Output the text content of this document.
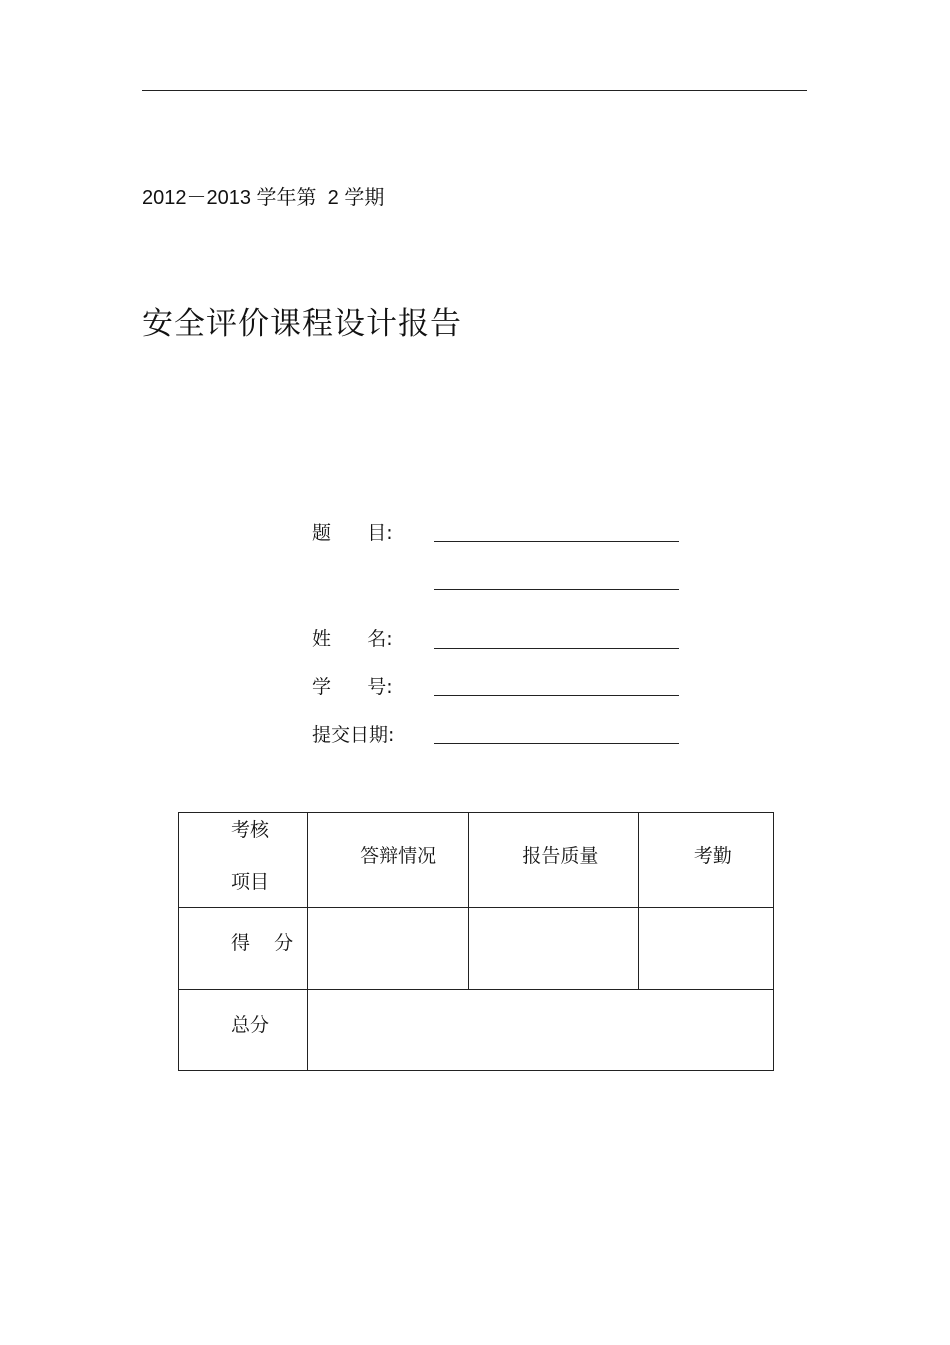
2012－2013 学年第  2 学期
安全评价课程设计报告
题      目:
姓      名:
学      号:
提交日期:
考核
项目	答辩情况	报告质量	考勤

得    分			

总分			
